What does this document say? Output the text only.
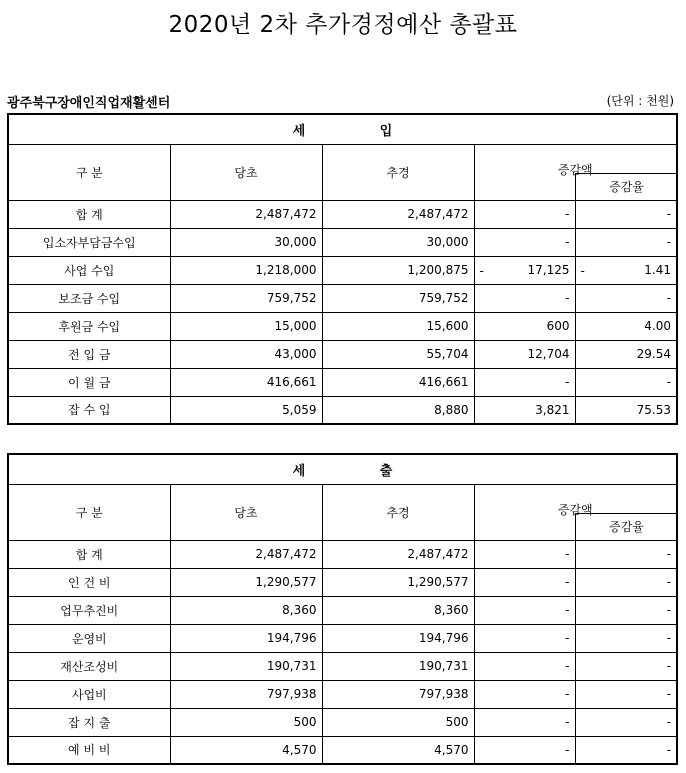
2020년 2차 추가경정예산 총괄표
광주북구장애인직업재활센터	(단위 : 천원)
세 입				
구 분	당초	추경	증감액
증감율	

합 계	2,487,472	2,487,472	-	-
입소자부담금수입	30,000	30,000	-	-
사업 수입	1,218,000	1,200,875	- 17,125	- 1.41

보조금 수입	759,752	759,752	-	-
후원금 수입	15,000	15,600	600	4.00
전 입 금	43,000	55,704	12,704	29.54
이 월 금	416,661	416,661	-	-
잡 수 입	5,059	8,880	3,821	75.53
세 출				
구 분	당초	추경	증감액
증감율	

합 계	2,487,472	2,487,472	-	-
인 건 비	1,290,577	1,290,577	-	-
업무추진비	8,360	8,360	-	-
운영비	194,796	194,796	-	-
재산조성비	190,731	190,731	-	-
사업비	797,938	797,938	-	-
잡 지 출	500	500	-	-
예 비 비	4,570	4,570	-	-
